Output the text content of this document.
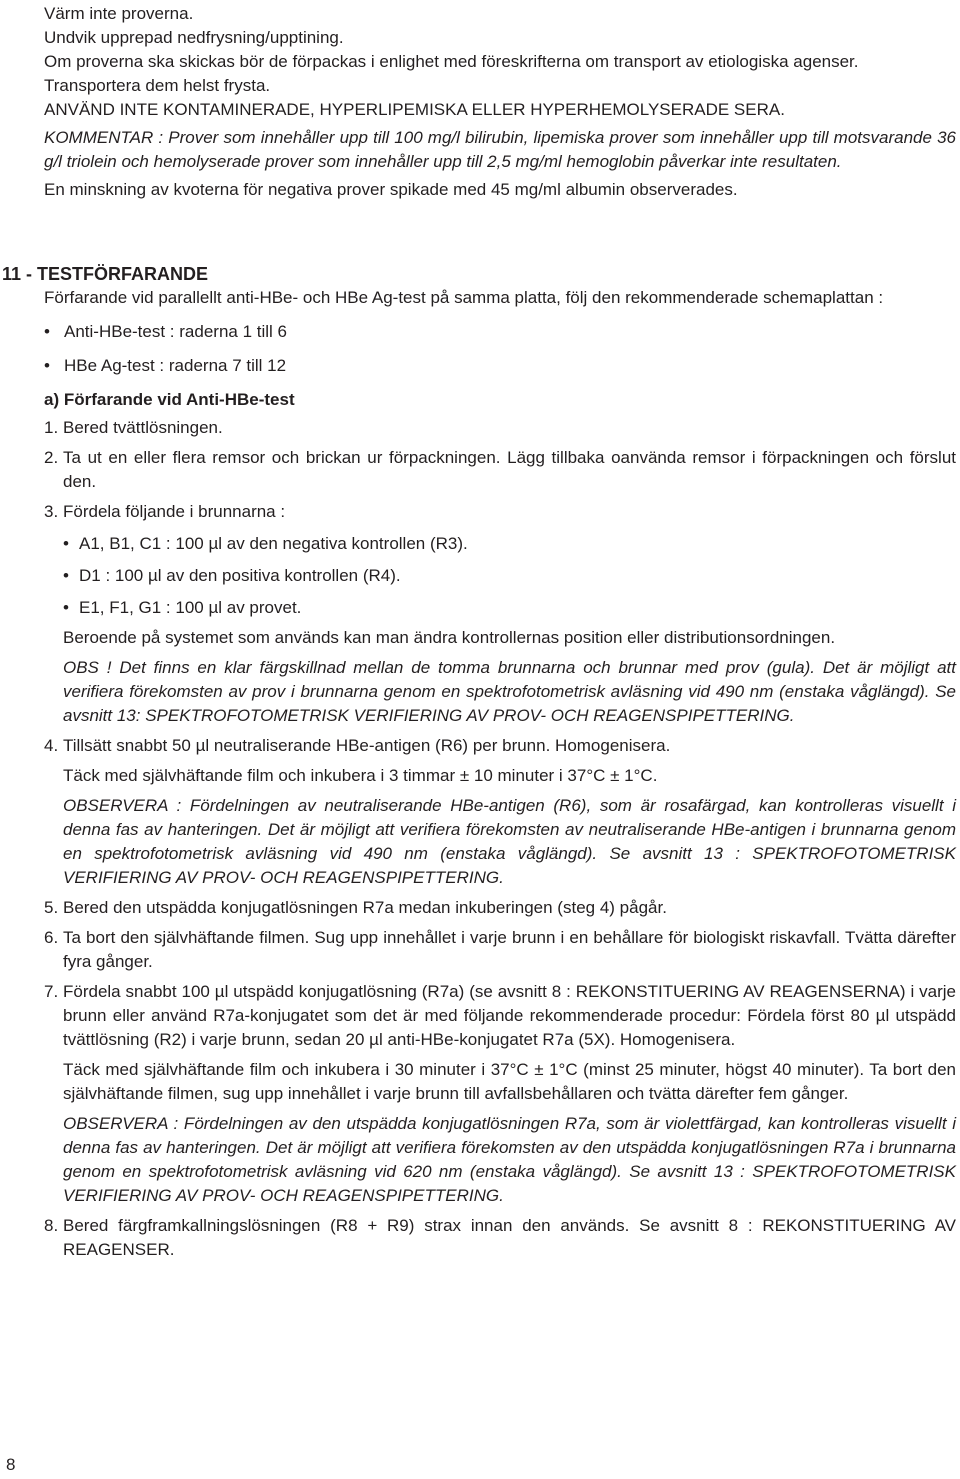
Värm inte proverna.

Undvik upprepad nedfrysning/upptining.

Om proverna ska skickas bör de förpackas i enlighet med föreskrifterna om transport av etiologiska agenser. Transportera dem helst frysta.

ANVÄND INTE KONTAMINERADE, HYPERLIPEMISKA ELLER HYPERHEMOLYSERADE SERA.

KOMMENTAR : Prover som innehåller upp till 100 mg/l bilirubin, lipemiska prover som innehåller upp till motsvarande 36 g/l triolein och hemolyserade prover som innehåller upp till 2,5 mg/ml hemoglobin påverkar inte resultaten.

En minskning av kvoterna för negativa prover spikade med 45 mg/ml albumin observerades.

11 - TESTFÖRFARANDE

Förfarande vid parallellt anti-HBe- och HBe Ag-test på samma platta, följ den rekommenderade schemaplattan :

• Anti-HBe-test : raderna 1 till 6

• HBe Ag-test : raderna 7 till 12

a) Förfarande vid Anti-HBe-test

1. Bered tvättlösningen.

2. Ta ut en eller flera remsor och brickan ur förpackningen. Lägg tillbaka oanvända remsor i förpackningen och förslut den.

3. Fördela följande i brunnarna :

• A1, B1, C1 : 100 µl av den negativa kontrollen (R3).

• D1 : 100 µl av den positiva kontrollen (R4).

• E1, F1, G1 : 100 µl av provet.

Beroende på systemet som används kan man ändra kontrollernas position eller distributionsordningen.

OBS ! Det finns en klar färgskillnad mellan de tomma brunnarna och brunnar med prov (gula). Det är möjligt att verifiera förekomsten av prov i brunnarna genom en spektrofotometrisk avläsning vid 490 nm (enstaka våglängd). Se avsnitt 13: SPEKTROFOTOMETRISK VERIFIERING AV PROV- OCH REAGENSPIPETTERING.

4. Tillsätt snabbt 50 µl neutraliserande HBe-antigen (R6) per brunn. Homogenisera.

Täck med självhäftande film och inkubera i 3 timmar ± 10 minuter i 37°C ± 1°C.

OBSERVERA : Fördelningen av neutraliserande HBe-antigen (R6), som är rosafärgad, kan kontrolleras visuellt i denna fas av hanteringen. Det är möjligt att verifiera förekomsten av neutraliserande HBe-antigen i brunnarna genom en spektrofotometrisk avläsning vid 490 nm (enstaka våglängd). Se avsnitt 13 : SPEKTROFOTOMETRISK VERIFIERING AV PROV- OCH REAGENSPIPETTERING.

5. Bered den utspädda konjugatlösningen R7a medan inkuberingen (steg 4) pågår.

6. Ta bort den självhäftande filmen. Sug upp innehållet i varje brunn i en behållare för biologiskt riskavfall. Tvätta därefter fyra gånger.

7. Fördela snabbt 100 µl utspädd konjugatlösning (R7a) (se avsnitt 8 : REKONSTITUERING AV REAGENSERNA) i varje brunn eller använd R7a-konjugatet som det är med följande rekommenderade procedur: Fördela först 80 µl utspädd tvättlösning (R2) i varje brunn, sedan 20 µl anti-HBe-konjugatet R7a (5X). Homogenisera.

Täck med självhäftande film och inkubera i 30 minuter i 37°C ± 1°C (minst 25 minuter, högst 40 minuter). Ta bort den självhäftande filmen, sug upp innehållet i varje brunn till avfallsbehållaren och tvätta därefter fem gånger.

OBSERVERA : Fördelningen av den utspädda konjugatlösningen R7a, som är violettfärgad, kan kontrolleras visuellt i denna fas av hanteringen. Det är möjligt att verifiera förekomsten av den utspädda konjugatlösningen R7a i brunnarna genom en spektrofotometrisk avläsning vid 620 nm (enstaka våglängd). Se avsnitt 13 : SPEKTROFOTOMETRISK VERIFIERING AV PROV- OCH REAGENSPIPETTERING.

8. Bered färgframkallningslösningen (R8 + R9) strax innan den används. Se avsnitt 8 : REKONSTITUERING AV REAGENSER.

8
